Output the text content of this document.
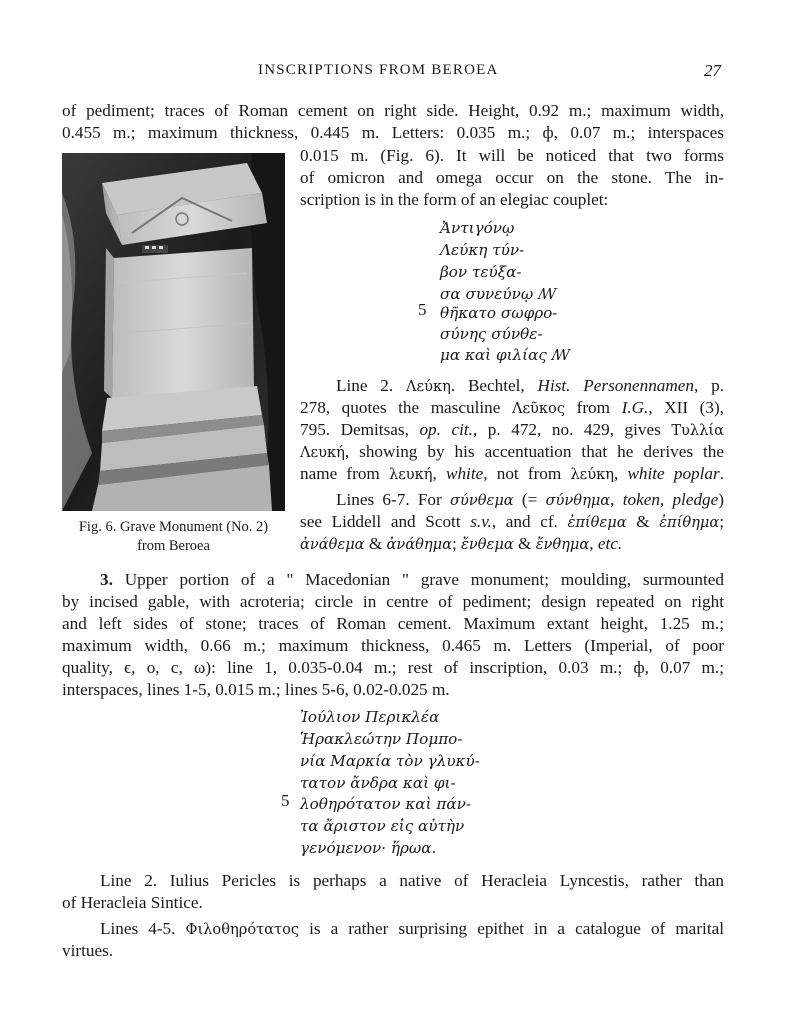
INSCRIPTIONS FROM BEROEA	27
of pediment; traces of Roman cement on right side. Height, 0.92 m.; maximum width,
0.455 m.; maximum thickness, 0.445 m. Letters: 0.035 m.; ф, 0.07 m.; interspaces
0.015 m. (Fig. 6). It will be noticed that two forms
of omicron and omega occur on the stone. The in-
scription is in the form of an elegiac couplet:
Fig. 6. Grave Monument (No. 2)
from Beroea
Ἀντιγόνῳ
Λεύκη τύν-
βον τεύξα-
σα συνεύνῳ ꟿ
5 θῆκατο σωφρο-
σύνης σύνθε-
μα καὶ φιλίας ꟿ
Line 2. Λεύκη. Bechtel, Hist. Personennamen, p.
278, quotes the masculine Λεῦκος from I.G., XII (3),
795. Demitsas, op. cit., p. 472, no. 429, gives Τυλλία
Λευκή, showing by his accentuation that he derives the
name from λευκή, white, not from λεύκη, white poplar.
Lines 6-7. For σύνθεμα (= σύνθημα, token, pledge)
see Liddell and Scott s.v., and cf. ἐπίθεμα & ἐπίθημα;
ἀνάθεμα & ἀνάθημα; ἔνθεμα & ἔνθημα, etc.
3. Upper portion of a " Macedonian " grave monument; moulding, surmounted
by incised gable, with acroteria; circle in centre of pediment; design repeated on right
and left sides of stone; traces of Roman cement. Maximum extant height, 1.25 m.;
maximum width, 0.66 m.; maximum thickness, 0.465 m. Letters (Imperial, of poor
quality, ϵ, ο, c, ω): line 1, 0.035-0.04 m.; rest of inscription, 0.03 m.; ф, 0.07 m.;
interspaces, lines 1-5, 0.015 m.; lines 5-6, 0.02-0.025 m.
Ἰούλιον Περικλέα
Ἡρακλεώτην Πομπο-
νία Μαρκία τὸν γλυκύ-
τατον ἄνδρα καὶ φι-
5 λοθηρότατον καὶ πάν-
τα ἄριστον εἰς αὐτὴν
γενόμενον· ἥρωα.
Line 2. Iulius Pericles is perhaps a native of Heracleia Lyncestis, rather than
of Heracleia Sintice.
Lines 4-5. Φιλοθηρότατος is a rather surprising epithet in a catalogue of marital
virtues.
